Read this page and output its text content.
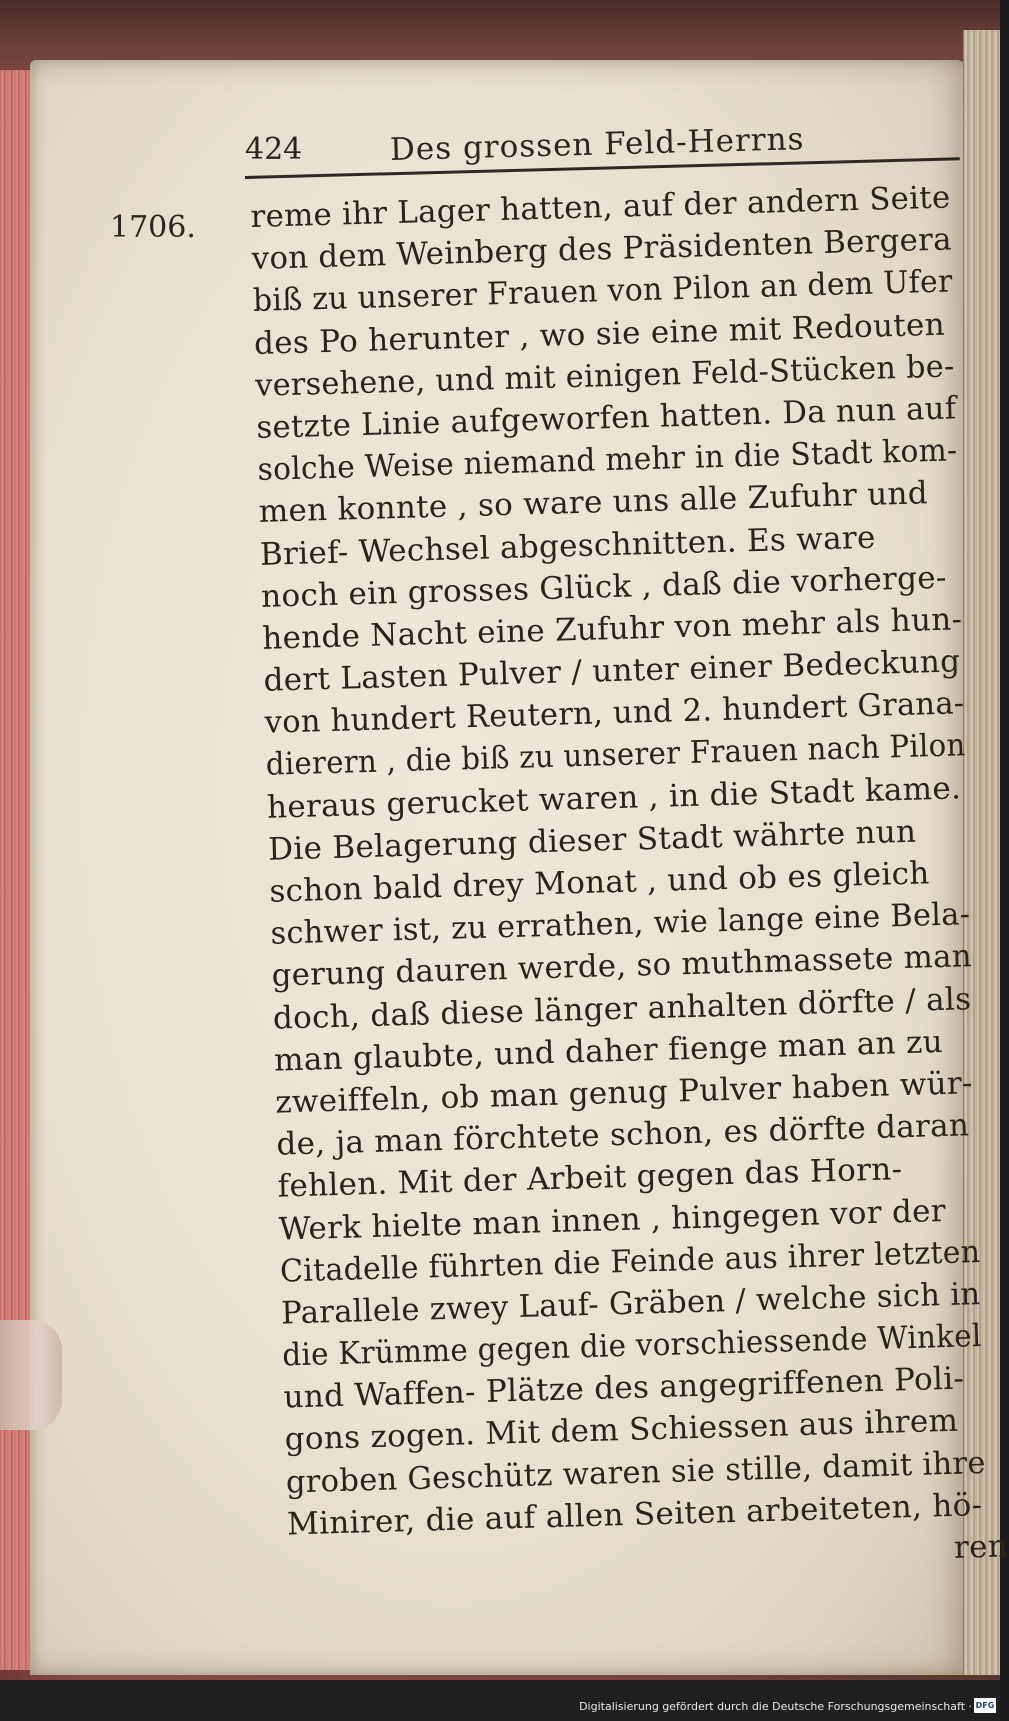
424	Des grossen Feld-Herrns
1706. reme ihr Lager hatten, auf der andern Seite
von dem Weinberg des Präsidenten Bergera
biß zu unserer Frauen von Pilon an dem Ufer
des Po herunter , wo sie eine mit Redouten
versehene, und mit einigen Feld-Stücken be-
setzte Linie aufgeworfen hatten. Da nun auf
solche Weise niemand mehr in die Stadt kom-
men konnte , so ware uns alle Zufuhr und
Brief- Wechsel abgeschnitten. Es ware
noch ein grosses Glück , daß die vorherge-
hende Nacht eine Zufuhr von mehr als hun-
dert Lasten Pulver / unter einer Bedeckung
von hundert Reutern, und 2. hundert Grana-
dierern , die biß zu unserer Frauen nach Pilon
heraus gerucket waren , in die Stadt kame.
Die Belagerung dieser Stadt währte nun
schon bald drey Monat , und ob es gleich
schwer ist, zu errathen, wie lange eine Bela-
gerung dauren werde, so muthmassete man
doch, daß diese länger anhalten dörfte / als
man glaubte, und daher fienge man an zu
zweiffeln, ob man genug Pulver haben wür-
de, ja man förchtete schon, es dörfte daran
fehlen. Mit der Arbeit gegen das Horn-
Werk hielte man innen , hingegen vor der
Citadelle führten die Feinde aus ihrer letzten
Parallele zwey Lauf- Gräben / welche sich in
die Krümme gegen die vorschiessende Winkel
und Waffen- Plätze des angegriffenen Poli-
gons zogen. Mit dem Schiessen aus ihrem
groben Geschütz waren sie stille, damit ihre
Minirer, die auf allen Seiten arbeiteten, hö-
ren
Digitalisierung gefördert durch die Deutsche Forschungsgemeinschaft · DFG
